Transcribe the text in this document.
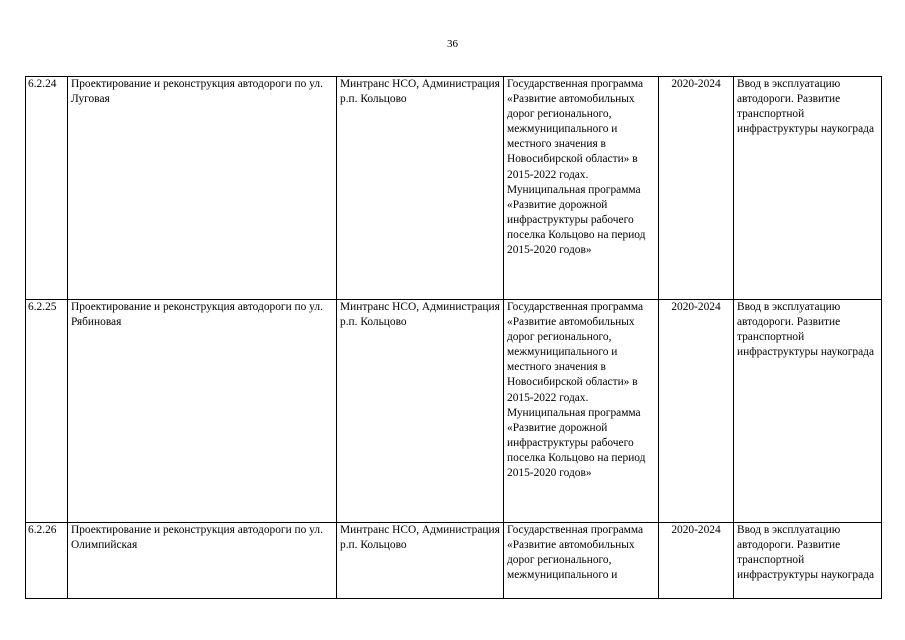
36
6.2.24	Проектирование и реконструкция автодороги по ул. Луговая	Минтранс НСО, Администрация р.п. Кольцово	Государственная программа «Развитие автомобильных дорог регионального, межмуниципального и местного значения в Новосибирской области» в 2015-2022 годах. Муниципальная программа «Развитие дорожной инфраструктуры рабочего поселка Кольцово на период 2015-2020 годов»	2020-2024	Ввод в эксплуатацию автодороги. Развитие транспортной инфраструктуры наукограда
6.2.25	Проектирование и реконструкция автодороги по ул. Рябиновая	Минтранс НСО, Администрация р.п. Кольцово	Государственная программа «Развитие автомобильных дорог регионального, межмуниципального и местного значения в Новосибирской области» в 2015-2022 годах. Муниципальная программа «Развитие дорожной инфраструктуры рабочего поселка Кольцово на период 2015-2020 годов»	2020-2024	Ввод в эксплуатацию автодороги. Развитие транспортной инфраструктуры наукограда
6.2.26	Проектирование и реконструкция автодороги по ул. Олимпийская	Минтранс НСО, Администрация р.п. Кольцово	Государственная программа «Развитие автомобильных дорог регионального, межмуниципального и	2020-2024	Ввод в эксплуатацию автодороги. Развитие транспортной инфраструктуры наукограда
